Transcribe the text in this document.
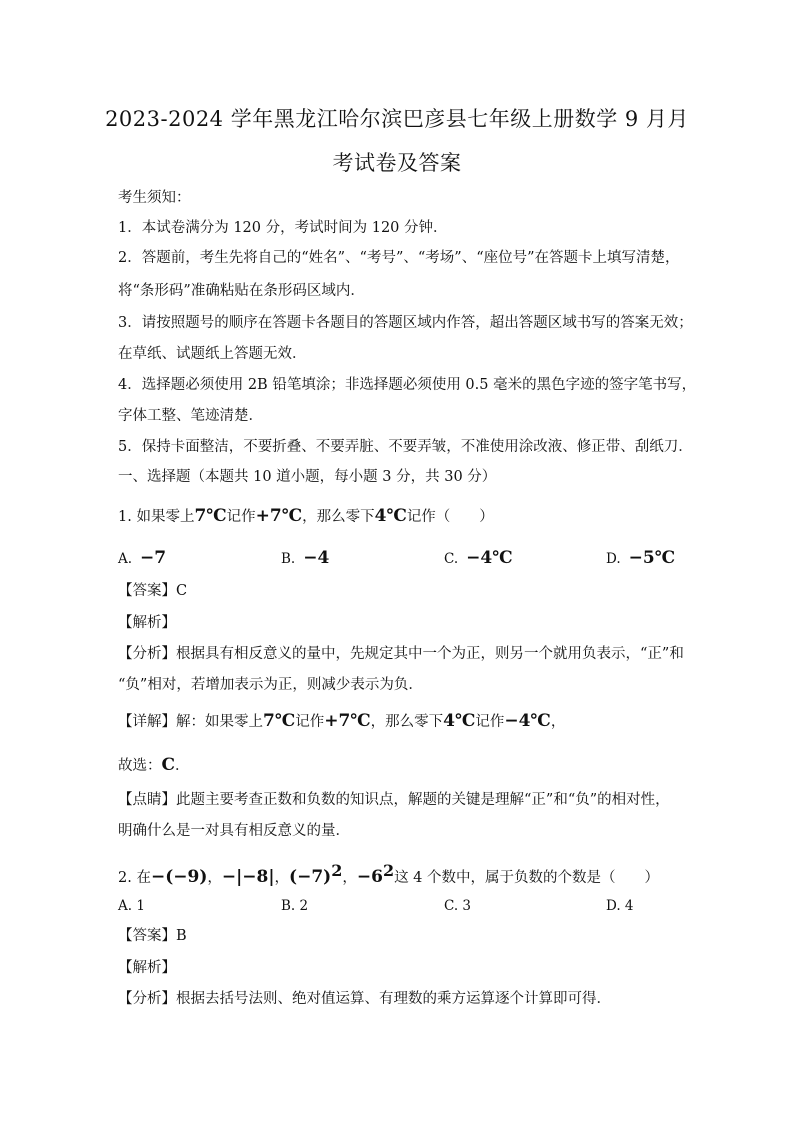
2023-2024 学年黑龙江哈尔滨巴彦县七年级上册数学 9 月月
考试卷及答案
考生须知：
1．本试卷满分为 120 分，考试时间为 120 分钟．
2．答题前，考生先将自己的“姓名”、“考号”、“考场”、“座位号”在答题卡上填写清楚，
将“条形码”准确粘贴在条形码区域内．
3．请按照题号的顺序在答题卡各题目的答题区域内作答，超出答题区域书写的答案无效；
在草纸、试题纸上答题无效．
4．选择题必须使用 2B 铅笔填涂；非选择题必须使用 0.5 毫米的黑色字迹的签字笔书写，
字体工整、笔迹清楚．
5．保持卡面整洁，不要折叠、不要弄脏、不要弄皱，不准使用涂改液、修正带、刮纸刀．
一、选择题（本题共 10 道小题，每小题 3 分，共 30 分）
1. 如果零上7℃记作+7℃，那么零下4℃记作（　　）
A. −7	B. −4	C. −4℃	D. −5℃
【答案】C
【解析】
【分析】根据具有相反意义的量中，先规定其中一个为正，则另一个就用负表示，“正”和
“负”相对，若增加表示为正，则减少表示为负．
【详解】解：如果零上7℃记作+7℃，那么零下4℃记作−4℃，
故选：C．
【点睛】此题主要考查正数和负数的知识点，解题的关键是理解“正”和“负”的相对性，
明确什么是一对具有相反意义的量．
2. 在−(−9)，−|−8|，$(-7)^2$，$-6^2$这 4 个数中，属于负数的个数是（　　）
A. 1	B. 2	C. 3	D. 4
【答案】B
【解析】
【分析】根据去括号法则、绝对值运算、有理数的乘方运算逐个计算即可得．
